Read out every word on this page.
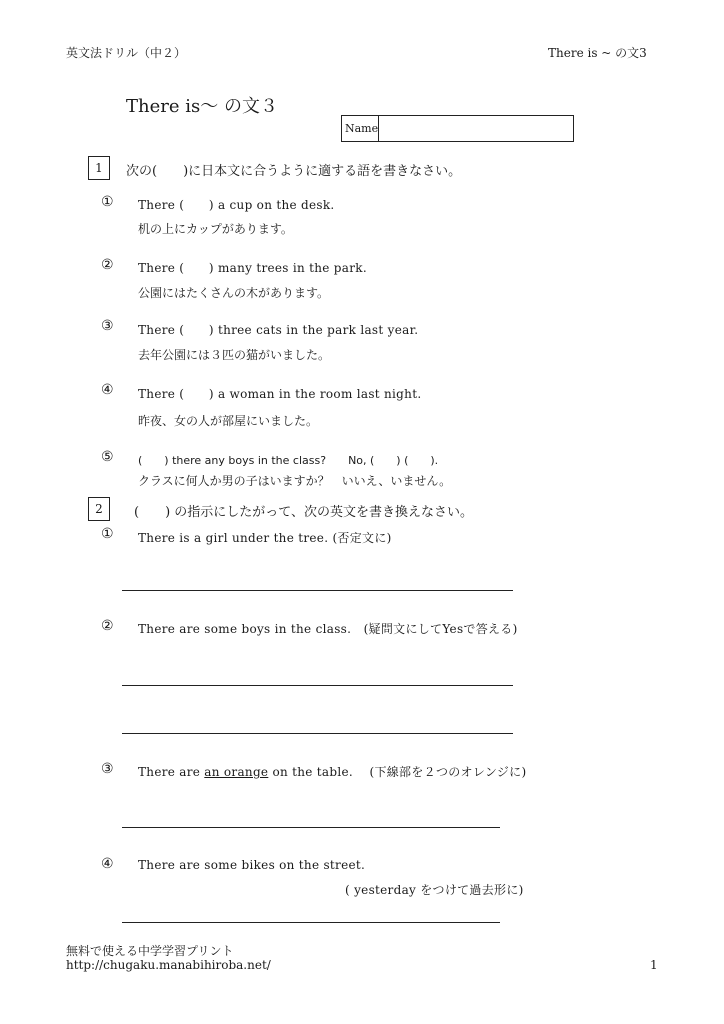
英文法ドリル（中２）	There is ~ の文3
There is～ の文３
Name
1	次の(　　)に日本文に合うように適する語を書きなさい。
① There (　　) a cup on the desk.
机の上にカップがあります。
② There (　　) many trees in the park.
公園にはたくさんの木があります。
③ There (　　) three cats in the park last year.
去年公園には３匹の猫がいました。
④ There (　　) a woman in the room last night.
昨夜、女の人が部屋にいました。
⑤ (　　) there any boys in the class?　　No, (　　) (　　).
クラスに何人か男の子はいますか？　いいえ、いません。
2	(　　) の指示にしたがって、次の英文を書き換えなさい。
① There is a girl under the tree. (否定文に)
② There are some boys in the class. (疑問文にしてYesで答える)
③ There are an orange on the table. (下線部を２つのオレンジに)
④ There are some bikes on the street.
( yesterday をつけて過去形に)
無料で使える中学学習プリント
http://chugaku.manabihiroba.net/	1
